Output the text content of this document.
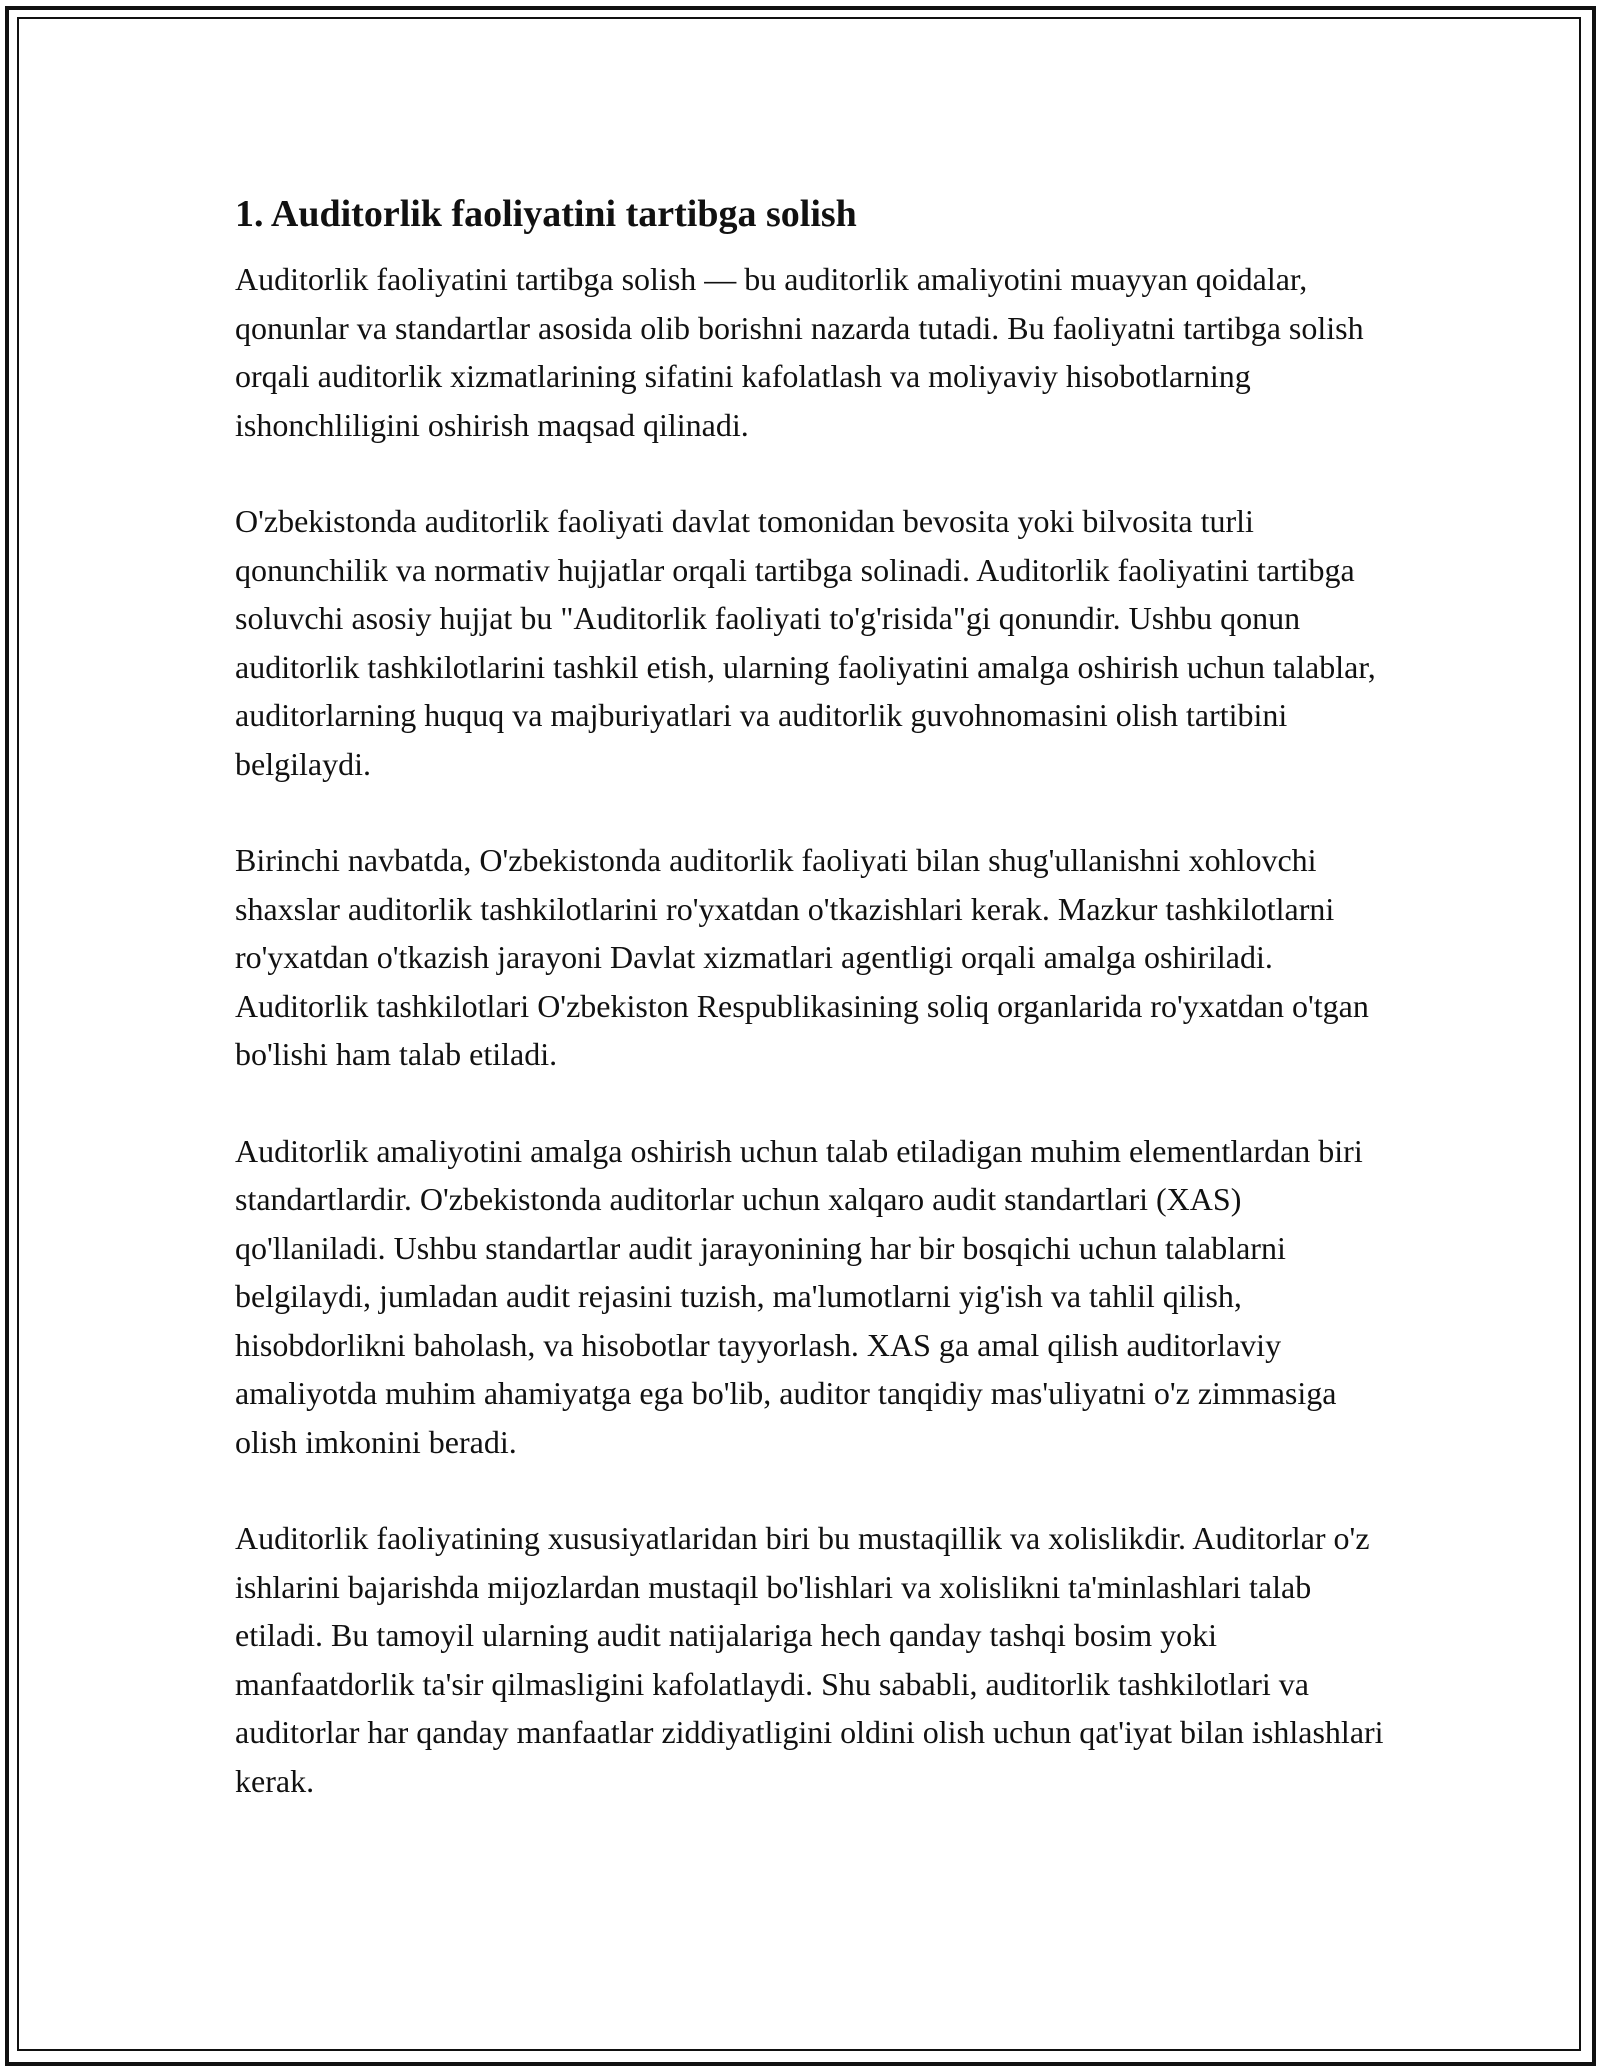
1. Auditorlik faoliyatini tartibga solish

Auditorlik faoliyatini tartibga solish — bu auditorlik amaliyotini muayyan qoidalar, qonunlar va standartlar asosida olib borishni nazarda tutadi. Bu faoliyatni tartibga solish orqali auditorlik xizmatlarining sifatini kafolatlash va moliyaviy hisobotlarning ishonchliligini oshirish maqsad qilinadi.

O'zbekistonda auditorlik faoliyati davlat tomonidan bevosita yoki bilvosita turli qonunchilik va normativ hujjatlar orqali tartibga solinadi. Auditorlik faoliyatini tartibga soluvchi asosiy hujjat bu "Auditorlik faoliyati to'g'risida"gi qonundir. Ushbu qonun auditorlik tashkilotlarini tashkil etish, ularning faoliyatini amalga oshirish uchun talablar, auditorlarning huquq va majburiyatlari va auditorlik guvohnomasini olish tartibini belgilaydi.

Birinchi navbatda, O'zbekistonda auditorlik faoliyati bilan shug'ullanishni xohlovchi shaxslar auditorlik tashkilotlarini ro'yxatdan o'tkazishlari kerak. Mazkur tashkilotlarni ro'yxatdan o'tkazish jarayoni Davlat xizmatlari agentligi orqali amalga oshiriladi. Auditorlik tashkilotlari O'zbekiston Respublikasining soliq organlarida ro'yxatdan o'tgan bo'lishi ham talab etiladi.

Auditorlik amaliyotini amalga oshirish uchun talab etiladigan muhim elementlardan biri standartlardir. O'zbekistonda auditorlar uchun xalqaro audit standartlari (XAS) qo'llaniladi. Ushbu standartlar audit jarayonining har bir bosqichi uchun talablarni belgilaydi, jumladan audit rejasini tuzish, ma'lumotlarni yig'ish va tahlil qilish, hisobdorlikni baholash, va hisobotlar tayyorlash. XAS ga amal qilish auditorlaviy amaliyotda muhim ahamiyatga ega bo'lib, auditor tanqidiy mas'uliyatni o'z zimmasiga olish imkonini beradi.

Auditorlik faoliyatining xususiyatlaridan biri bu mustaqillik va xolislikdir. Auditorlar o'z ishlarini bajarishda mijozlardan mustaqil bo'lishlari va xolislikni ta'minlashlari talab etiladi. Bu tamoyil ularning audit natijalariga hech qanday tashqi bosim yoki manfaatdorlik ta'sir qilmasligini kafolatlaydi. Shu sababli, auditorlik tashkilotlari va auditorlar har qanday manfaatlar ziddiyatligini oldini olish uchun qat'iyat bilan ishlashlari kerak.
